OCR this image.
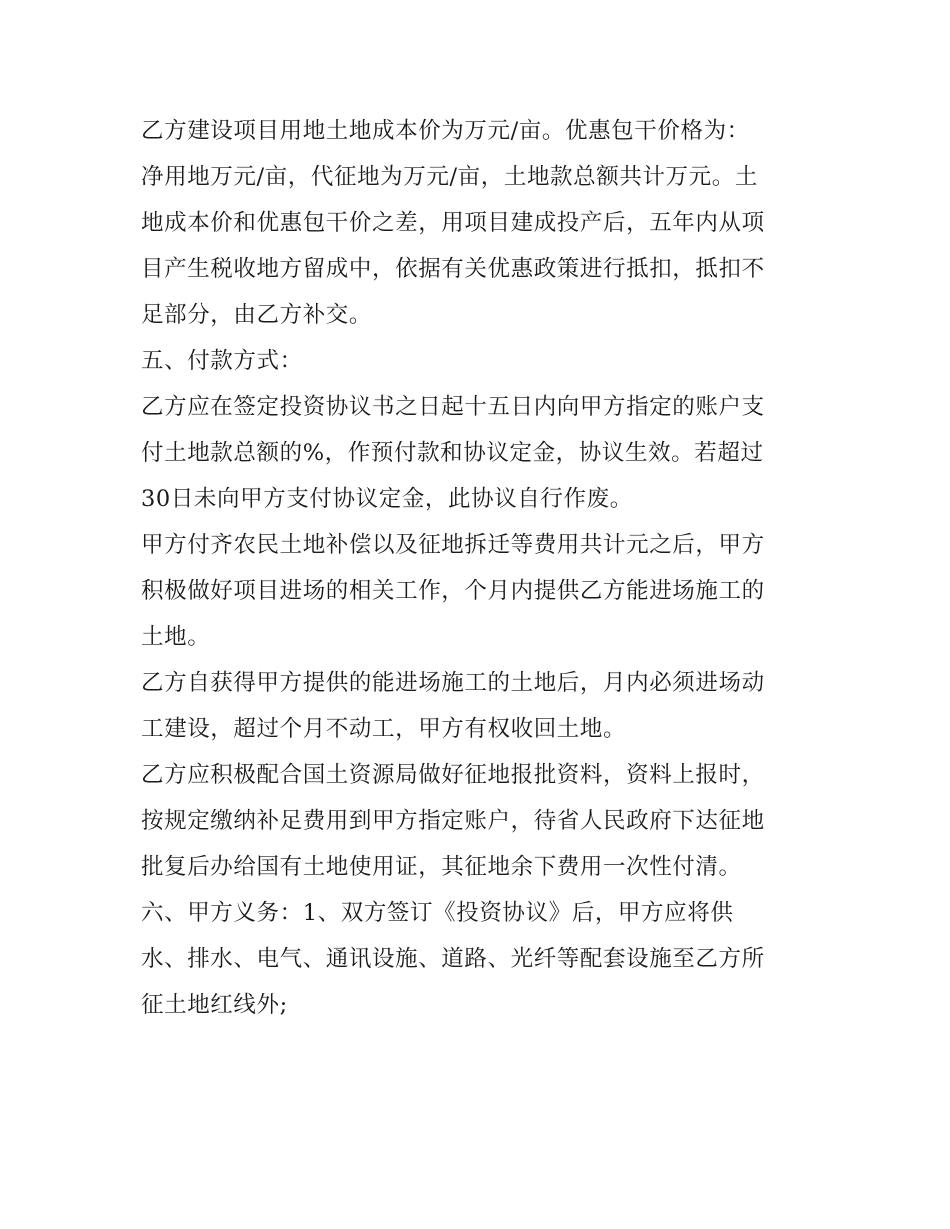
乙方建设项目用地土地成本价为万元/亩。优惠包干价格为：
净用地万元/亩，代征地为万元/亩，土地款总额共计万元。土
地成本价和优惠包干价之差，用项目建成投产后，五年内从项
目产生税收地方留成中，依据有关优惠政策进行抵扣，抵扣不
足部分，由乙方补交。

五、付款方式：

乙方应在签定投资协议书之日起十五日内向甲方指定的账户支
付土地款总额的%，作预付款和协议定金，协议生效。若超过
30日未向甲方支付协议定金，此协议自行作废。

甲方付齐农民土地补偿以及征地拆迁等费用共计元之后，甲方
积极做好项目进场的相关工作，个月内提供乙方能进场施工的
土地。

乙方自获得甲方提供的能进场施工的土地后，月内必须进场动
工建设，超过个月不动工，甲方有权收回土地。

乙方应积极配合国土资源局做好征地报批资料，资料上报时，
按规定缴纳补足费用到甲方指定账户，待省人民政府下达征地
批复后办给国有土地使用证，其征地余下费用一次性付清。

六、甲方义务：1、双方签订《投资协议》后，甲方应将供
水、排水、电气、通讯设施、道路、光纤等配套设施至乙方所
征土地红线外;
